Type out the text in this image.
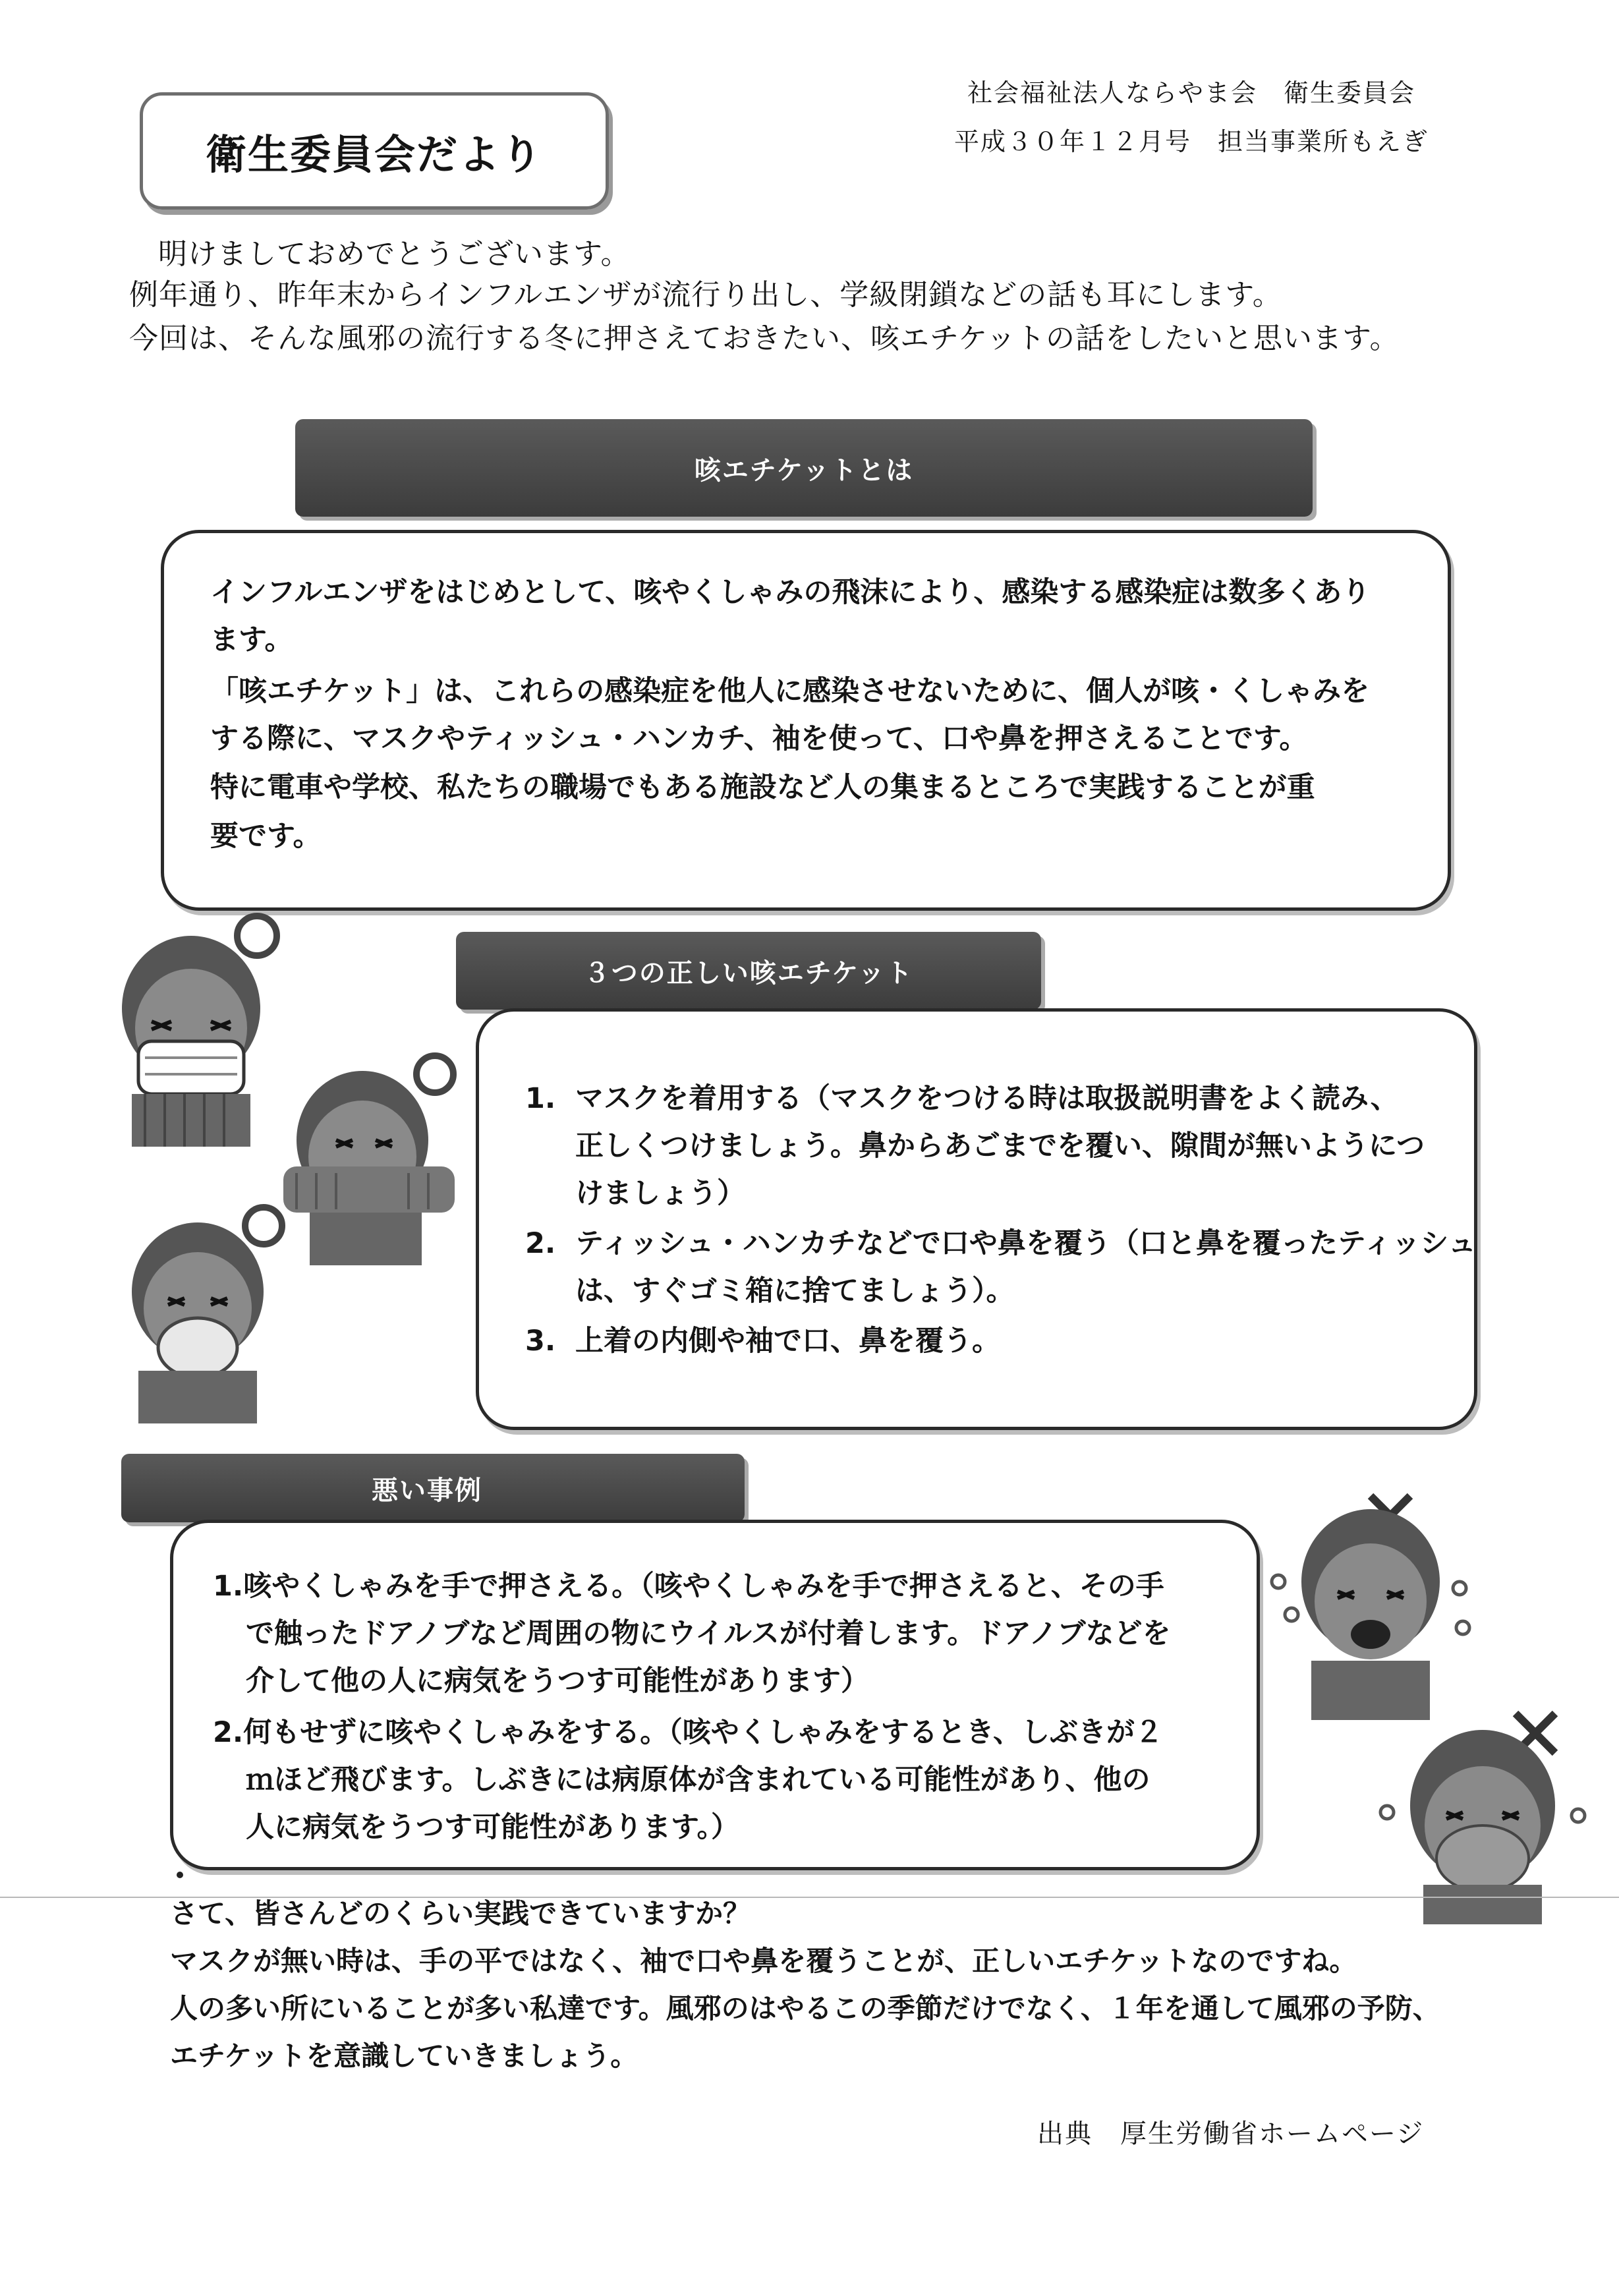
衛生委員会だより
社会福祉法人ならやま会　衛生委員会
平成３０年１２月号　担当事業所もえぎ
明けましておめでとうございます。
例年通り、昨年末からインフルエンザが流行り出し、学級閉鎖などの話も耳にします。
今回は、そんな風邪の流行する冬に押さえておきたい、咳エチケットの話をしたいと思います。
咳エチケットとは
インフルエンザをはじめとして、咳やくしゃみの飛沫により、感染する感染症は数多くあり
ます。
「咳エチケット」は、これらの感染症を他人に感染させないために、個人が咳・くしゃみを
する際に、マスクやティッシュ・ハンカチ、袖を使って、口や鼻を押さえることです。
特に電車や学校、私たちの職場でもある施設など人の集まるところで実践することが重
要です。
３つの正しい咳エチケット
1. マスクを着用する（マスクをつける時は取扱説明書をよく読み、
正しくつけましょう。鼻からあごまでを覆い、隙間が無いようにつ
けましょう）
2. ティッシュ・ハンカチなどで口や鼻を覆う（口と鼻を覆ったティッシュ
は、すぐゴミ箱に捨てましょう）。
3. 上着の内側や袖で口、鼻を覆う。
悪い事例
1.咳やくしゃみを手で押さえる。（咳やくしゃみを手で押さえると、その手
で触ったドアノブなど周囲の物にウイルスが付着します。ドアノブなどを
介して他の人に病気をうつす可能性があります）
2.何もせずに咳やくしゃみをする。（咳やくしゃみをするとき、しぶきが２
ｍほど飛びます。しぶきには病原体が含まれている可能性があり、他の
人に病気をうつす可能性があります。）
さて、皆さんどのくらい実践できていますか？
マスクが無い時は、手の平ではなく、袖で口や鼻を覆うことが、正しいエチケットなのですね。
人の多い所にいることが多い私達です。風邪のはやるこの季節だけでなく、１年を通して風邪の予防、
エチケットを意識していきましょう。
出典　厚生労働省ホームページ
